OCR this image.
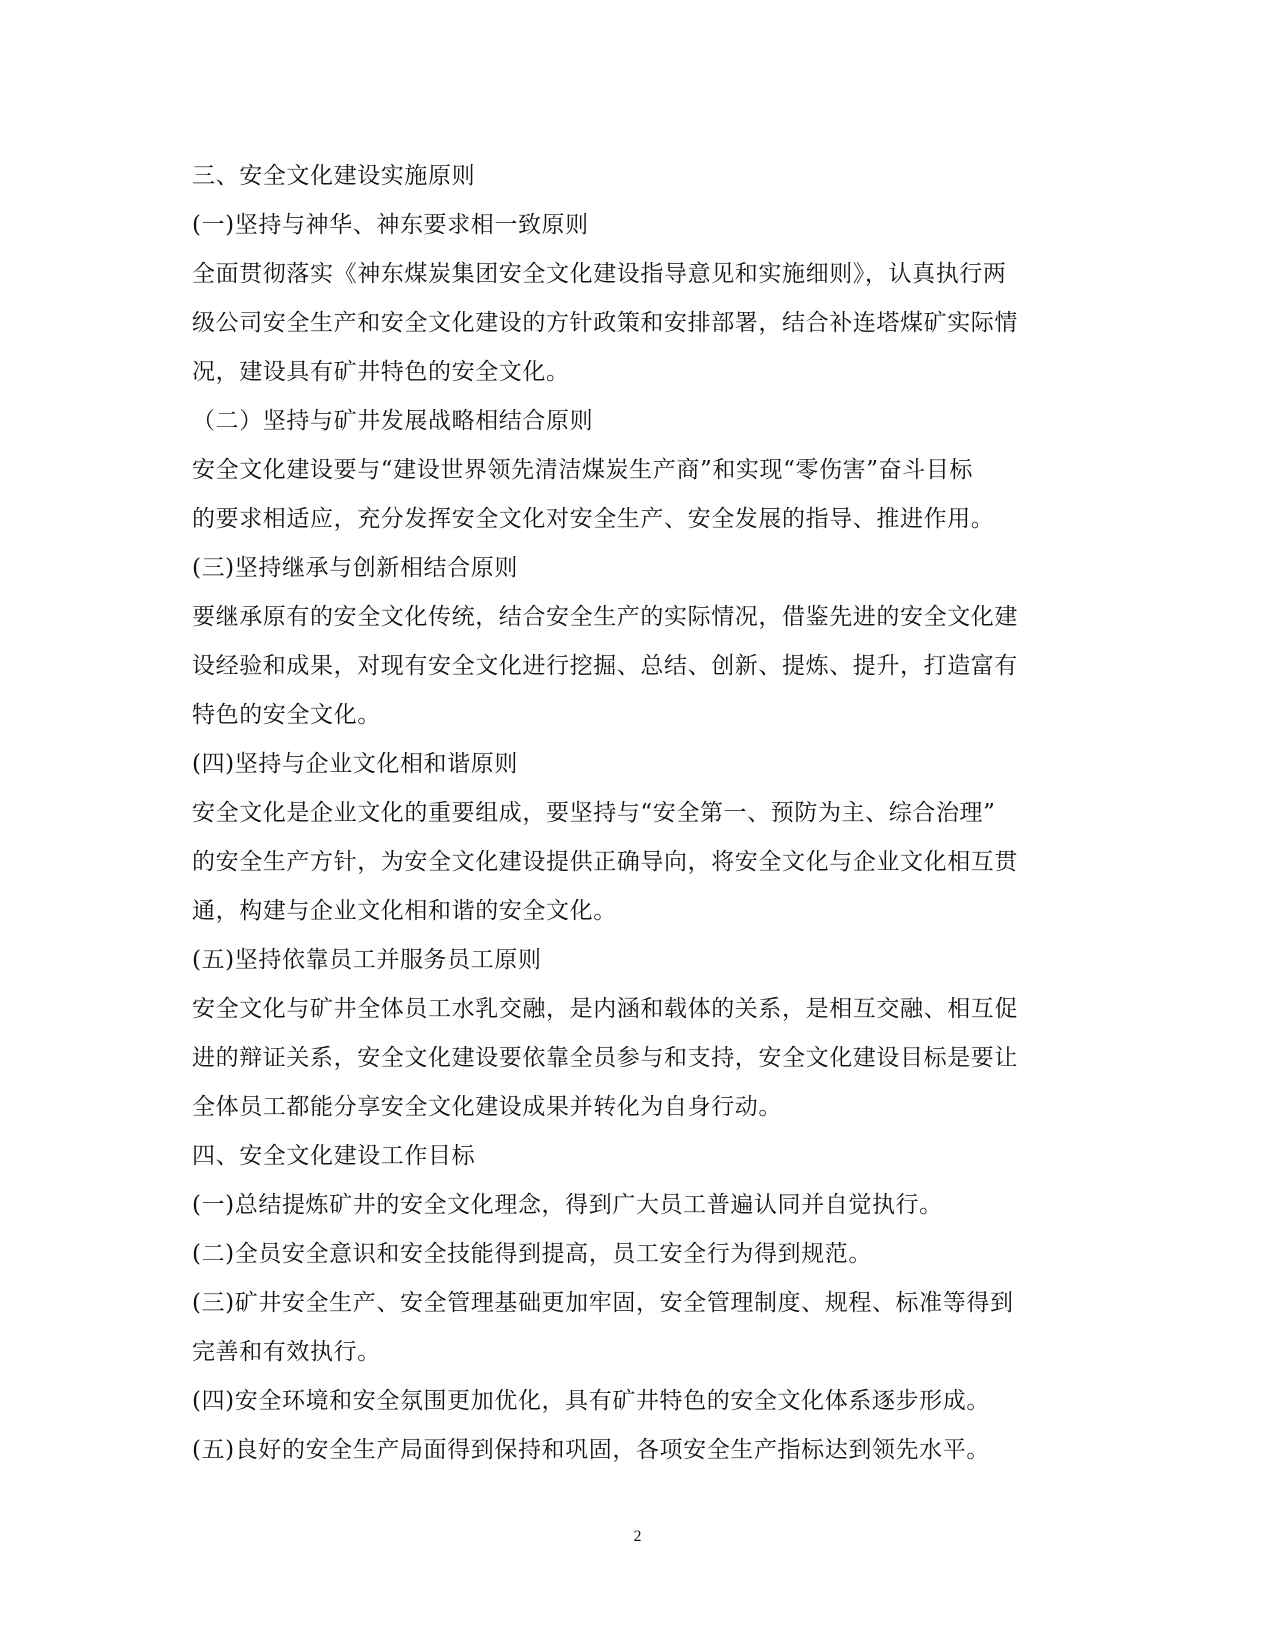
三、安全文化建设实施原则
(一)坚持与神华、神东要求相一致原则
全面贯彻落实《神东煤炭集团安全文化建设指导意见和实施细则》，认真执行两
级公司安全生产和安全文化建设的方针政策和安排部署，结合补连塔煤矿实际情
况，建设具有矿井特色的安全文化。
（二）坚持与矿井发展战略相结合原则
安全文化建设要与“建设世界领先清洁煤炭生产商”和实现“零伤害”奋斗目标
的要求相适应，充分发挥安全文化对安全生产、安全发展的指导、推进作用。
(三)坚持继承与创新相结合原则
要继承原有的安全文化传统，结合安全生产的实际情况，借鉴先进的安全文化建
设经验和成果，对现有安全文化进行挖掘、总结、创新、提炼、提升，打造富有
特色的安全文化。
(四)坚持与企业文化相和谐原则
安全文化是企业文化的重要组成，要坚持与“安全第一、预防为主、综合治理”
的安全生产方针，为安全文化建设提供正确导向，将安全文化与企业文化相互贯
通，构建与企业文化相和谐的安全文化。
(五)坚持依靠员工并服务员工原则
安全文化与矿井全体员工水乳交融，是内涵和载体的关系，是相互交融、相互促
进的辩证关系，安全文化建设要依靠全员参与和支持，安全文化建设目标是要让
全体员工都能分享安全文化建设成果并转化为自身行动。
四、安全文化建设工作目标
(一)总结提炼矿井的安全文化理念，得到广大员工普遍认同并自觉执行。
(二)全员安全意识和安全技能得到提高，员工安全行为得到规范。
(三)矿井安全生产、安全管理基础更加牢固，安全管理制度、规程、标准等得到
完善和有效执行。
(四)安全环境和安全氛围更加优化，具有矿井特色的安全文化体系逐步形成。
(五)良好的安全生产局面得到保持和巩固，各项安全生产指标达到领先水平。
2
